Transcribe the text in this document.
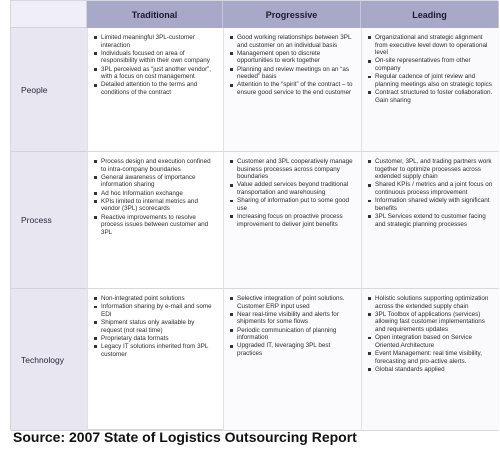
Traditional	Progressive	Leading
People
Limited meaningful 3PL-customer interaction
Individuals focused on area of responsibility within their own company
3PL perceived as “just another vendor”, with a focus on cost management
Detailed attention to the terms and conditions of the contract
Good working relationships between 3PL and customer on an individual basis
Management open to discrete opportunities to work together
Planning and review meetings on an “as needed” basis
Attention to the “spirit” of the contract – to ensure good service to the end customer
Organizational and strategic alignment from executive level down to operational level
On-site representatives from other company
Regular cadence of joint review and planning meetings also on strategic topics
Contract structured to foster collaboration. Gain sharing
Process
Process design and execution confined to intra-company boundaries
General awareness of importance information sharing
Ad hoc Information exchange
KPIs limited to internal metrics and vendor (3PL) scorecards
Reactive improvements to resolve process issues between customer and 3PL
Customer and 3PL cooperatively manage business processes across company boundaries
Value added services beyond traditional transportation and warehousing
Sharing of information put to some good use
Increasing focus on proactive process improvement to deliver joint benefits
Customer, 3PL, and trading partners work together to optimize processes across extended supply chain
Shared KPIs / metrics and a joint focus on continuous process improvement
Information shared widely with significant benefits
3PL Services extend to customer facing and strategic planning processes
Technology
Non-integrated point solutions
Information sharing by e-mail and some EDI
Shipment status only available by request (not real time)
Proprietary data formats
Legacy IT solutions inherited from 3PL customer
Selective integration of point solutions. Customer ERP input used
Near real-time visibility and alerts for shipments for some flows
Periodic communication of planning information
Upgraded IT, leveraging 3PL best practices
Holistic solutions supporting optimization across the extended supply chain
3PL Toolbox of applications (services) allowing fast customer implementations and requirements updates
Open integration based on Service Oriented Architecture
Event Management: real time visibility, forecasting and pro-active alerts.
Global standards applied
Source: 2007 State of Logistics Outsourcing Report
